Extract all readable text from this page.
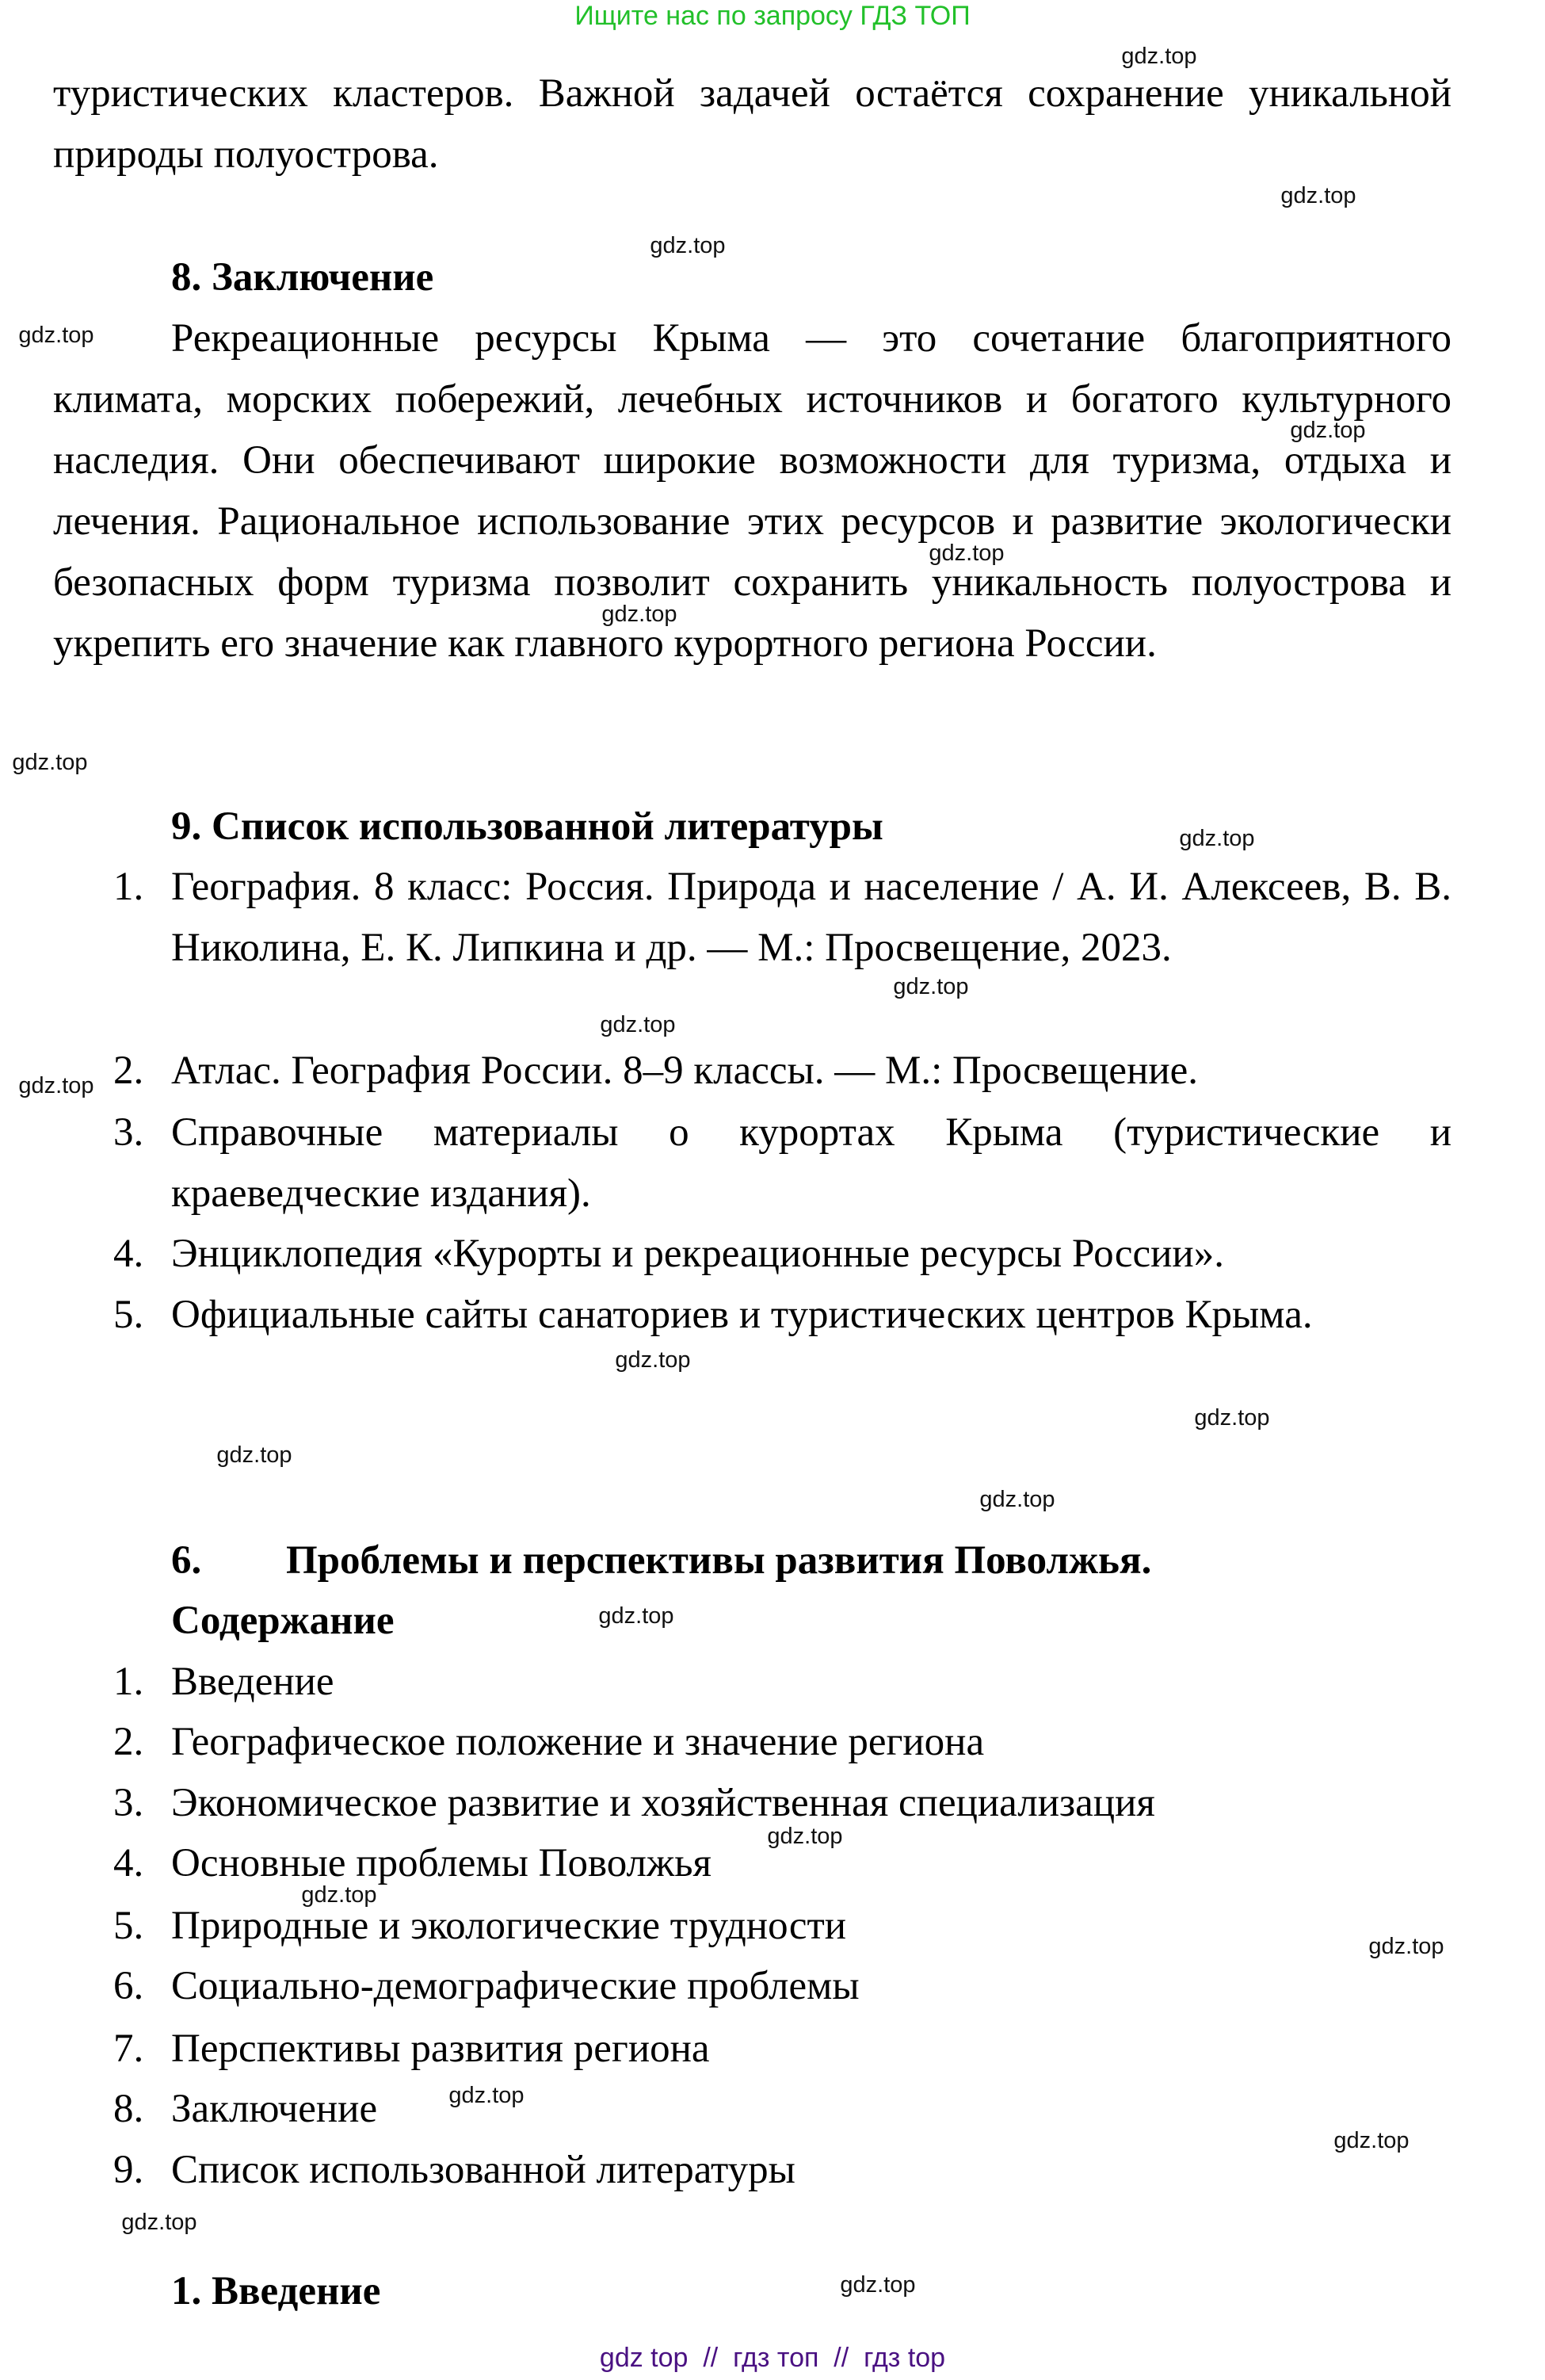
Ищите нас по запросу ГДЗ ТОП
туристических кластеров. Важной задачей остаётся сохранение уникальной природы полуострова.
8. Заключение
Рекреационные ресурсы Крыма — это сочетание благоприятного климата, морских побережий, лечебных источников и богатого культурного наследия. Они обеспечивают широкие возможности для туризма, отдыха и лечения. Рациональное использование этих ресурсов и развитие экологически безопасных форм туризма позволит сохранить уникальность полуострова и укрепить его значение как главного курортного региона России.
9. Список использованной литературы
1. География. 8 класс: Россия. Природа и население / А. И. Алексеев, В. В. Николина, Е. К. Липкина и др. — М.: Просвещение, 2023.
2. Атлас. География России. 8–9 классы. — М.: Просвещение.
3. Справочные материалы о курортах Крыма (туристические и краеведческие издания).
4. Энциклопедия «Курорты и рекреационные ресурсы России».
5. Официальные сайты санаториев и туристических центров Крыма.
6. Проблемы и перспективы развития Поволжья.
Содержание
1. Введение
2. Географическое положение и значение региона
3. Экономическое развитие и хозяйственная специализация
4. Основные проблемы Поволжья
5. Природные и экологические трудности
6. Социально-демографические проблемы
7. Перспективы развития региона
8. Заключение
9. Список использованной литературы
1. Введение
gdz.top
gdz.top
gdz.top
gdz.top
gdz.top
gdz.top
gdz.top
gdz.top
gdz.top
gdz.top
gdz.top
gdz.top
gdz.top
gdz.top
gdz.top
gdz.top
gdz.top
gdz.top
gdz.top
gdz.top
gdz.top
gdz.top
gdz.top
gdz.top
gdz top  //  гдз топ  //  гдз top
